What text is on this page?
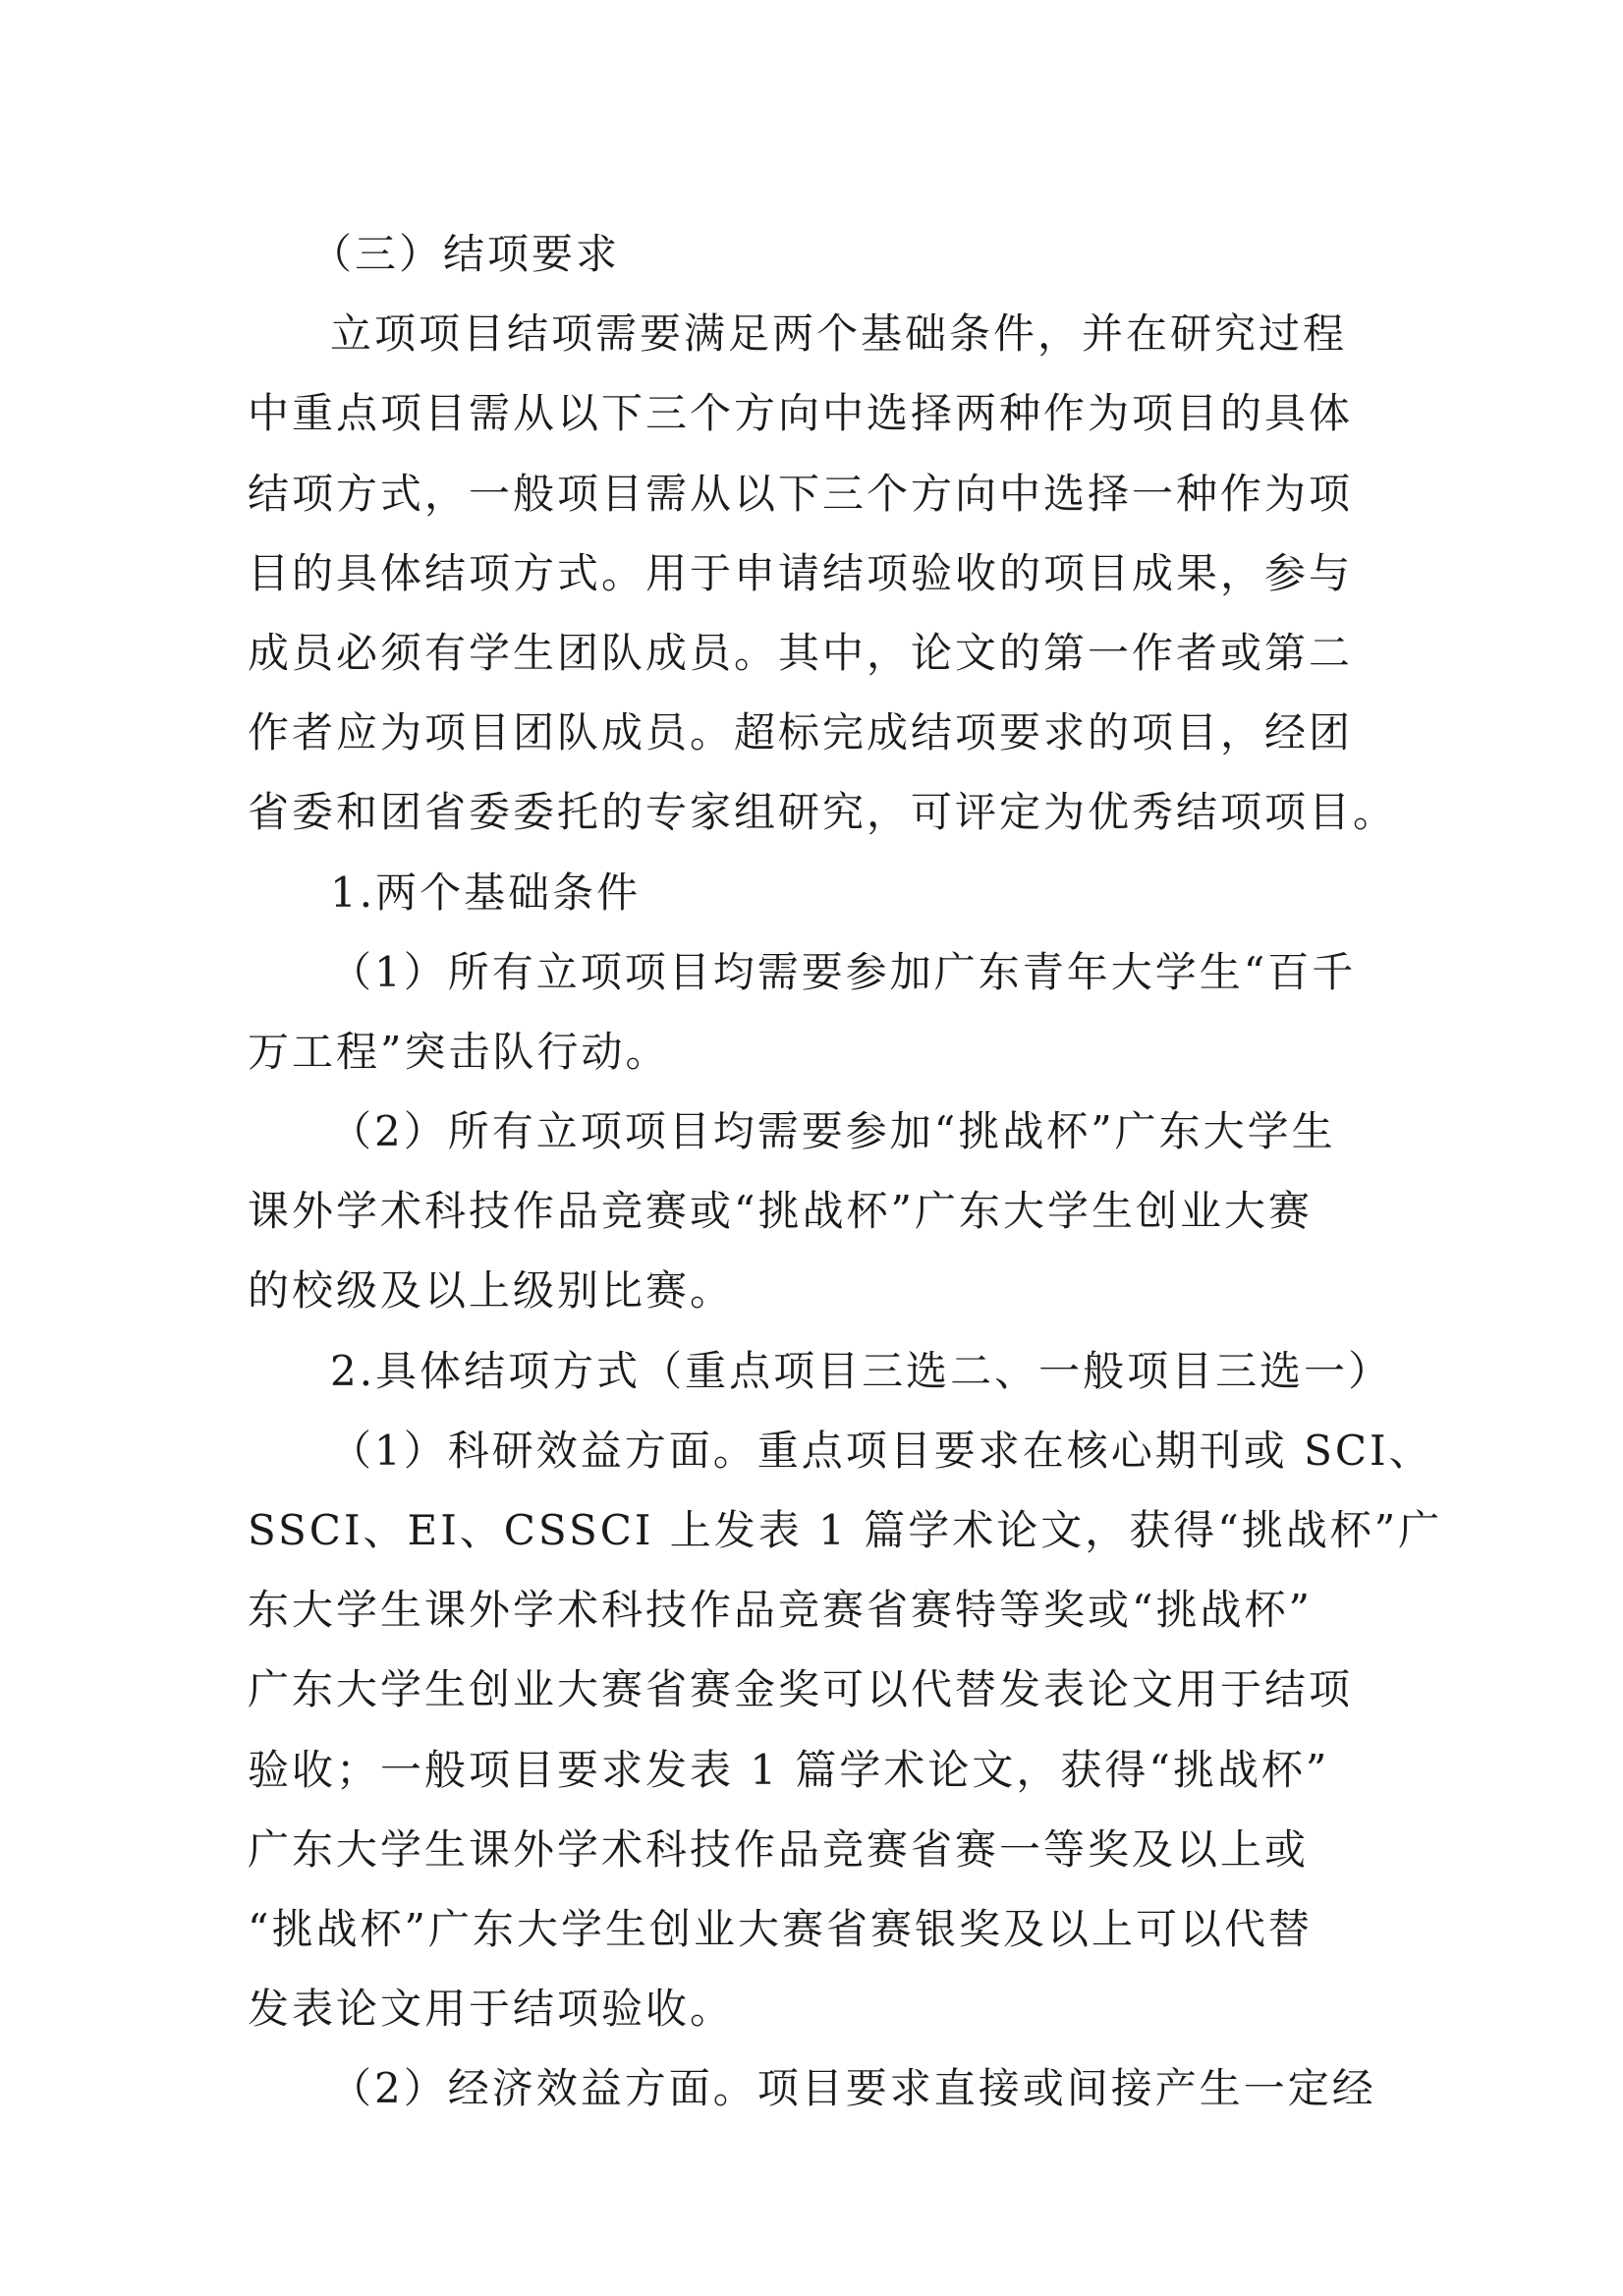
（三）结项要求
立项项目结项需要满足两个基础条件，并在研究过程
中重点项目需从以下三个方向中选择两种作为项目的具体
结项方式，一般项目需从以下三个方向中选择一种作为项
目的具体结项方式。用于申请结项验收的项目成果，参与
成员必须有学生团队成员。其中，论文的第一作者或第二
作者应为项目团队成员。超标完成结项要求的项目，经团
省委和团省委委托的专家组研究，可评定为优秀结项项目。
1.两个基础条件
（1）所有立项项目均需要参加广东青年大学生“百千
万工程”突击队行动。
（2）所有立项项目均需要参加“挑战杯”广东大学生
课外学术科技作品竞赛或“挑战杯”广东大学生创业大赛
的校级及以上级别比赛。
2.具体结项方式（重点项目三选二、一般项目三选一）
（1）科研效益方面。重点项目要求在核心期刊或 SCI、
SSCI、EI、CSSCI 上发表 1 篇学术论文，获得“挑战杯”广
东大学生课外学术科技作品竞赛省赛特等奖或“挑战杯”
广东大学生创业大赛省赛金奖可以代替发表论文用于结项
验收；一般项目要求发表 1 篇学术论文，获得“挑战杯”
广东大学生课外学术科技作品竞赛省赛一等奖及以上或
“挑战杯”广东大学生创业大赛省赛银奖及以上可以代替
发表论文用于结项验收。
（2）经济效益方面。项目要求直接或间接产生一定经
